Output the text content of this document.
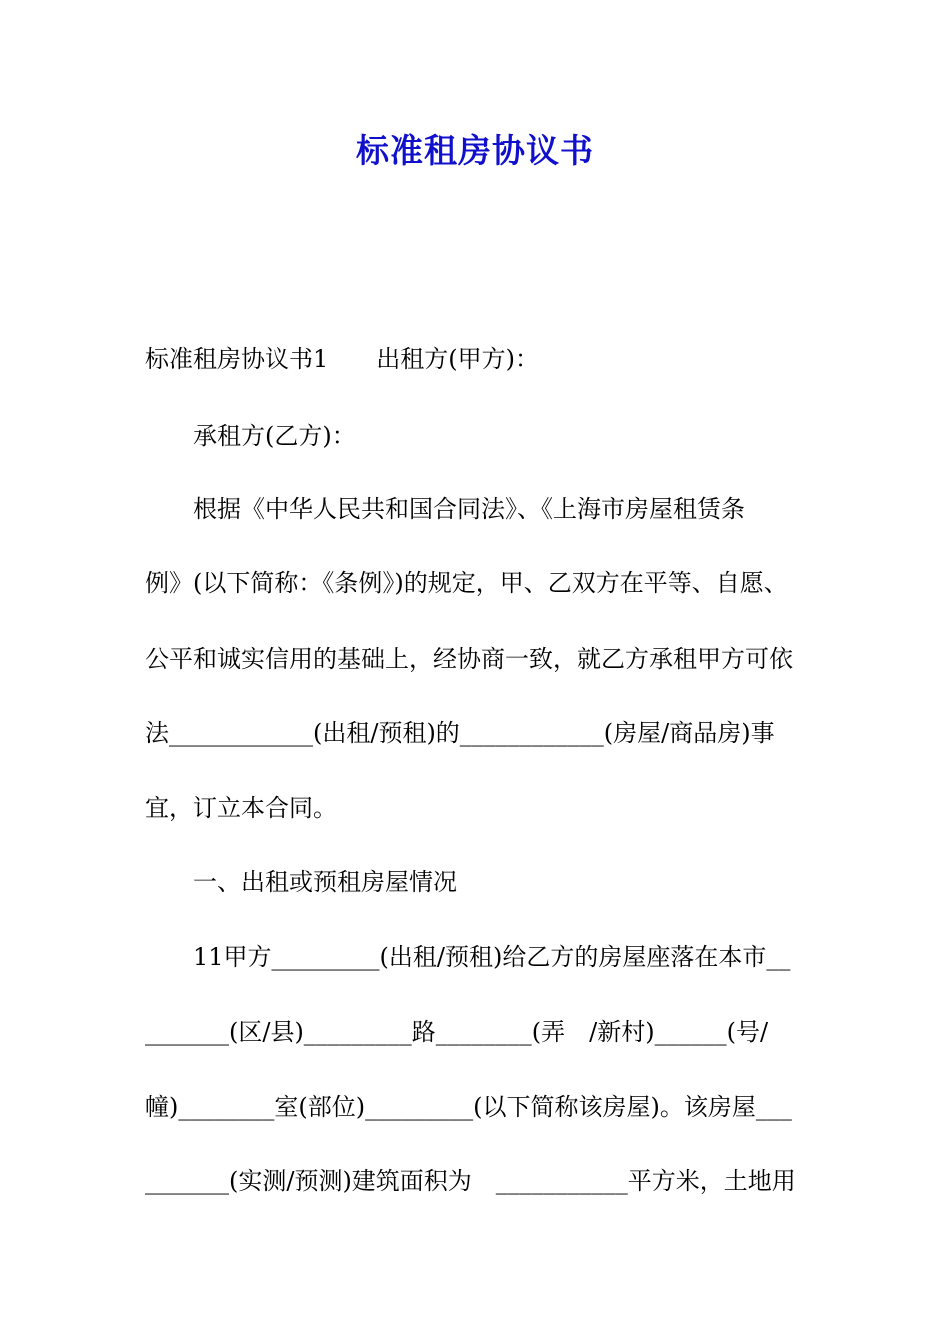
标准租房协议书
标准租房协议书1　　出租方(甲方)：
承租方(乙方)：
根据《中华人民共和国合同法》、《上海市房屋租赁条
例》(以下简称：《条例》)的规定，甲、乙双方在平等、自愿、
公平和诚实信用的基础上，经协商一致，就乙方承租甲方可依
法____________(出租/预租)的____________(房屋/商品房)事
宜，订立本合同。
一、出租或预租房屋情况
11甲方_________(出租/预租)给乙方的房屋座落在本市__
_______(区/县)_________路________(弄　/新村)______(号/
幢)________室(部位)_________(以下简称该房屋)。该房屋___
_______(实测/预测)建筑面积为　___________平方米，土地用
